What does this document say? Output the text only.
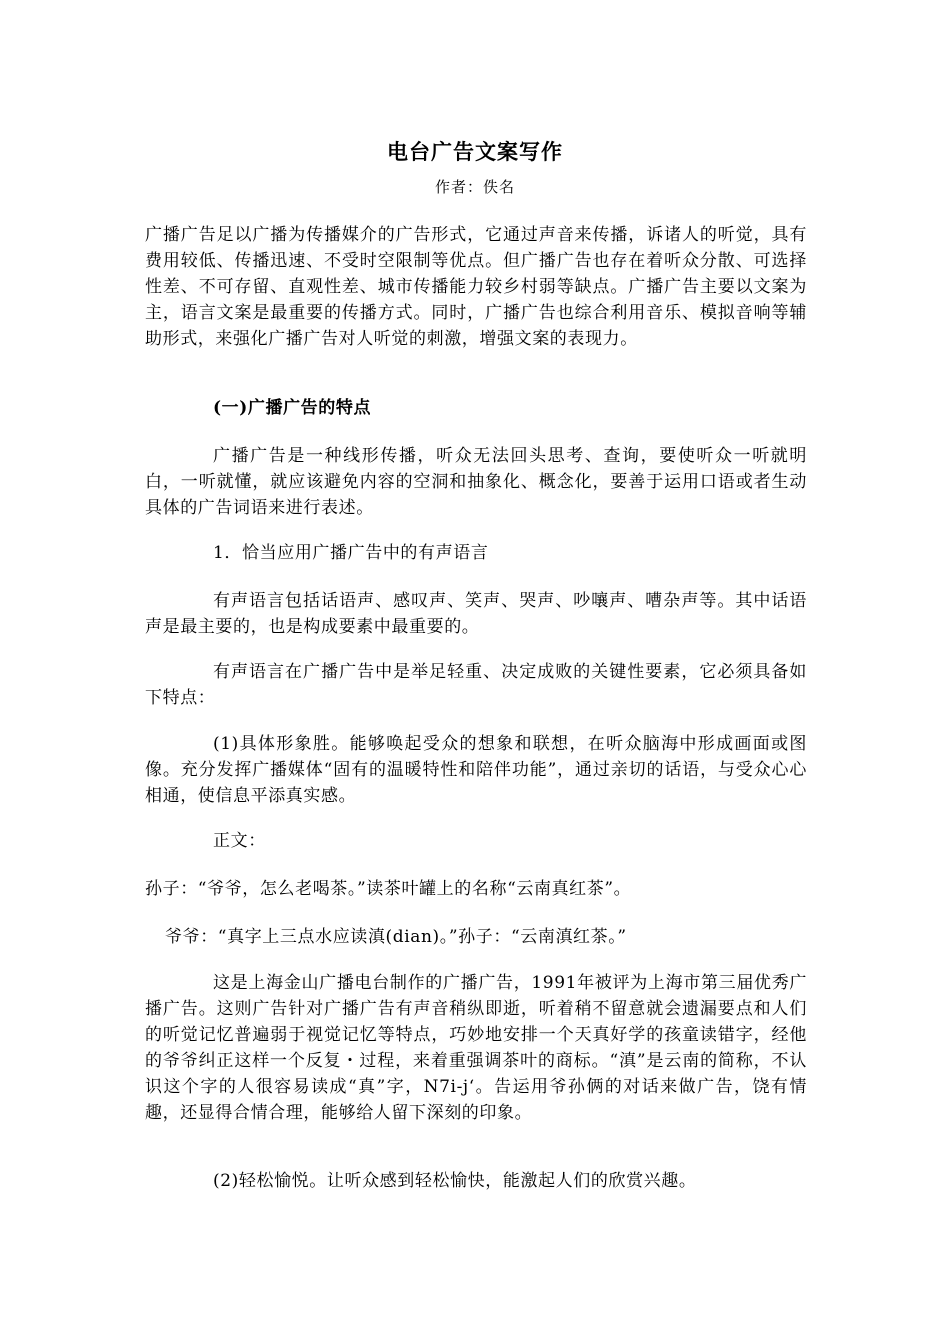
电台广告文案写作
作者：佚名

广播广告足以广播为传播媒介的广告形式，它通过声音来传播，诉诸人的听觉，具有费用较低、传播迅速、不受时空限制等优点。但广播广告也存在着听众分散、可选择性差、不可存留、直观性差、城市传播能力较乡村弱等缺点。广播广告主要以文案为主，语言文案是最重要的传播方式。同时，广播广告也综合利用音乐、模拟音响等辅助形式，来强化广播广告对人听觉的刺激，增强文案的表现力。

(一)广播广告的特点

广播广告是一种线形传播，听众无法回头思考、查询，要使听众一听就明白，一听就懂，就应该避免内容的空洞和抽象化、概念化，要善于运用口语或者生动具体的广告词语来进行表述。

1．恰当应用广播广告中的有声语言

有声语言包括话语声、感叹声、笑声、哭声、吵嚷声、嘈杂声等。其中话语声是最主要的，也是构成要素中最重要的。

有声语言在广播广告中是举足轻重、决定成败的关键性要素，它必须具备如下特点：

(1)具体形象胜。能够唤起受众的想象和联想，在听众脑海中形成画面或图像。充分发挥广播媒体“固有的温暖特性和陪伴功能”，通过亲切的话语，与受众心心相通，使信息平添真实感。

正文：

孙子：“爷爷，怎么老喝茶。”读茶叶罐上的名称“云南真红茶”。

爷爷：“真字上三点水应读滇(dian)。”孙子：“云南滇红茶。”

这是上海金山广播电台制作的广播广告，1991年被评为上海市第三届优秀广播广告。这则广告针对广播广告有声音稍纵即逝，听着稍不留意就会遗漏要点和人们的听觉记忆普遍弱于视觉记忆等特点，巧妙地安排一个天真好学的孩童读错字，经他的爷爷纠正这样一个反复・过程，来着重强调茶叶的商标。“滇”是云南的简称，不认识这个字的人很容易读成“真”字，N7i-j‘。告运用爷孙俩的对话来做广告，饶有情趣，还显得合情合理，能够给人留下深刻的印象。

(2)轻松愉悦。让听众感到轻松愉快，能激起人们的欣赏兴趣。
